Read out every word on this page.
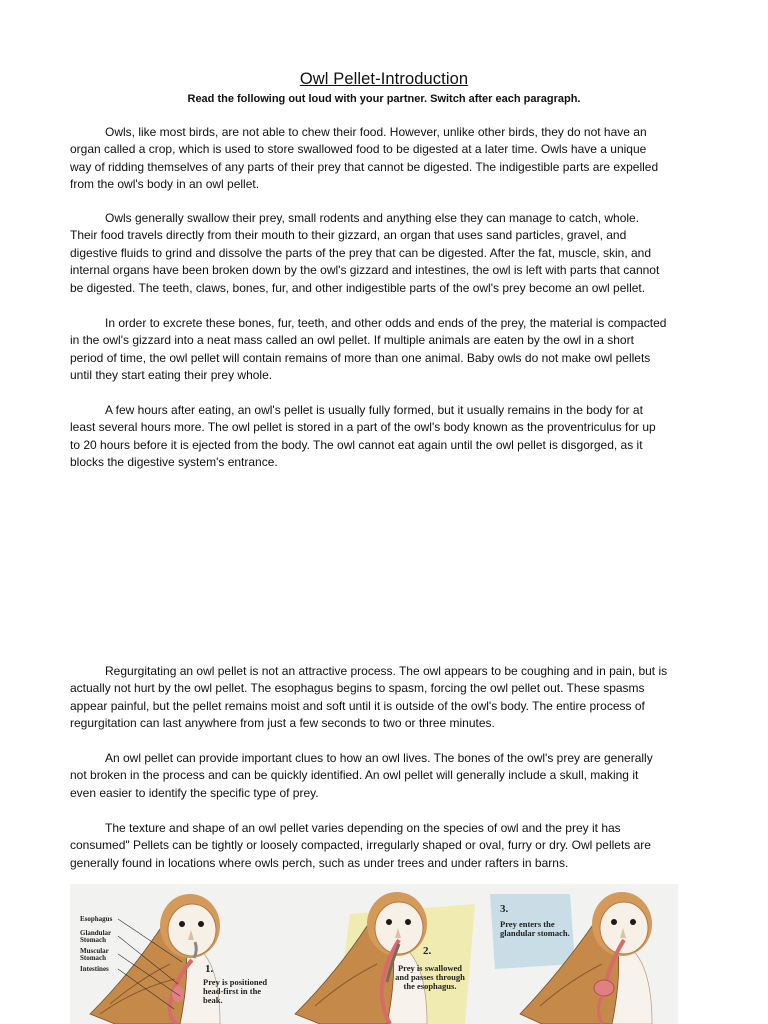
Owl Pellet-Introduction
Read the following out loud with your partner. Switch after each paragraph.

Owls, like most birds, are not able to chew their food. However, unlike other birds, they do not have an
organ called a crop, which is used to store swallowed food to be digested at a later time. Owls have a unique
way of ridding themselves of any parts of their prey that cannot be digested. The indigestible parts are expelled
from the owl's body in an owl pellet.

Owls generally swallow their prey, small rodents and anything else they can manage to catch, whole.
Their food travels directly from their mouth to their gizzard, an organ that uses sand particles, gravel, and
digestive fluids to grind and dissolve the parts of the prey that can be digested. After the fat, muscle, skin, and
internal organs have been broken down by the owl's gizzard and intestines, the owl is left with parts that cannot
be digested. The teeth, claws, bones, fur, and other indigestible parts of the owl's prey become an owl pellet.

In order to excrete these bones, fur, teeth, and other odds and ends of the prey, the material is compacted
in the owl's gizzard into a neat mass called an owl pellet. If multiple animals are eaten by the owl in a short
period of time, the owl pellet will contain remains of more than one animal. Baby owls do not make owl pellets
until they start eating their prey whole.

A few hours after eating, an owl's pellet is usually fully formed, but it usually remains in the body for at
least several hours more. The owl pellet is stored in a part of the owl's body known as the proventriculus for up
to 20 hours before it is ejected from the body. The owl cannot eat again until the owl pellet is disgorged, as it
blocks the digestive system's entrance.

Regurgitating an owl pellet is not an attractive process. The owl appears to be coughing and in pain, but is
actually not hurt by the owl pellet. The esophagus begins to spasm, forcing the owl pellet out. These spasms
appear painful, but the pellet remains moist and soft until it is outside of the owl's body. The entire process of
regurgitation can last anywhere from just a few seconds to two or three minutes.

An owl pellet can provide important clues to how an owl lives. The bones of the owl's prey are generally
not broken in the process and can be quickly identified. An owl pellet will generally include a skull, making it
even easier to identify the specific type of prey.

The texture and shape of an owl pellet varies depending on the species of owl and the prey it has
consumed" Pellets can be tightly or loosely compacted, irregularly shaped or oval, furry or dry. Owl pellets are
generally found in locations where owls perch, such as under trees and under rafters in barns.

Esophagus
Glandular Stomach
Muscular Stomach
Intestines	1.
Prey is positioned head-first in the beak.
2.
Prey is swallowed and passes through the esophagus.
3.
Prey enters the glandular stomach.
